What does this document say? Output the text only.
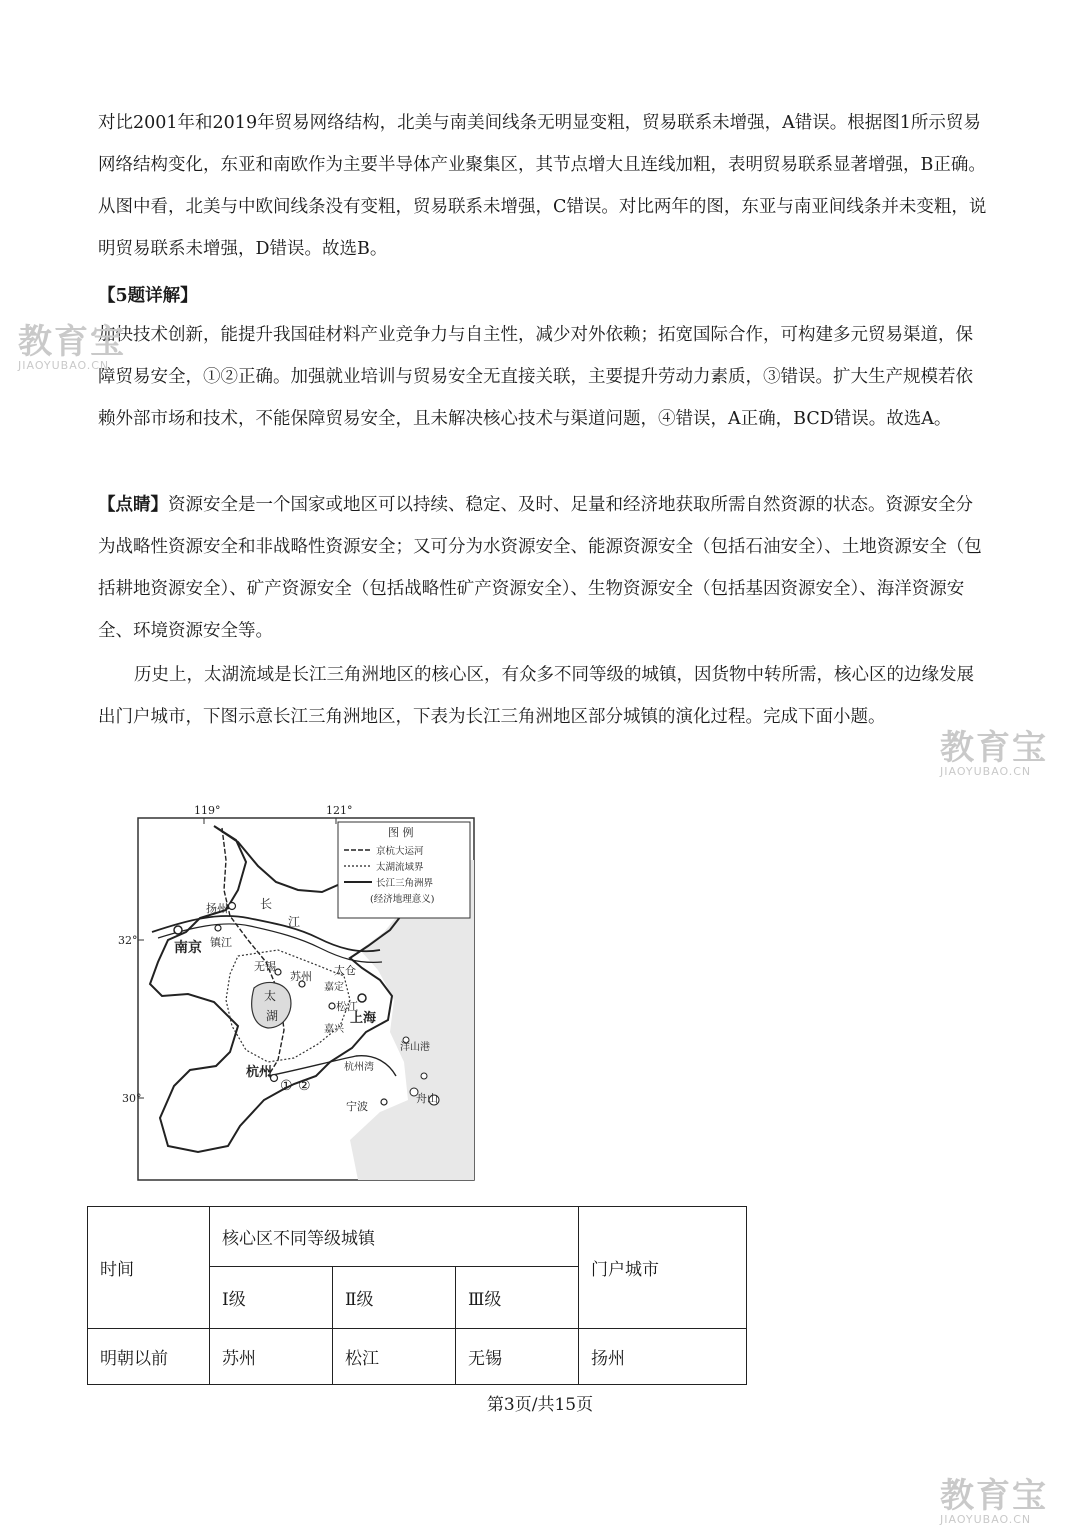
对比2001年和2019年贸易网络结构，北美与南美间线条无明显变粗，贸易联系未增强，A错误。根据图1所示贸易网络结构变化，东亚和南欧作为主要半导体产业聚集区，其节点增大且连线加粗，表明贸易联系显著增强，B正确。从图中看，北美与中欧间线条没有变粗，贸易联系未增强，C错误。对比两年的图，东亚与南亚间线条并未变粗，说明贸易联系未增强，D错误。故选B。

【5题详解】

加快技术创新，能提升我国硅材料产业竞争力与自主性，减少对外依赖；拓宽国际合作，可构建多元贸易渠道，保障贸易安全，①②正确。加强就业培训与贸易安全无直接关联，主要提升劳动力素质，③错误。扩大生产规模若依赖外部市场和技术，不能保障贸易安全，且未解决核心技术与渠道问题，④错误，A正确，BCD错误。故选A。

【点睛】资源安全是一个国家或地区可以持续、稳定、及时、足量和经济地获取所需自然资源的状态。资源安全分为战略性资源安全和非战略性资源安全；又可分为水资源安全、能源资源安全（包括石油安全）、土地资源安全（包括耕地资源安全）、矿产资源安全（包括战略性矿产资源安全）、生物资源安全（包括基因资源安全）、海洋资源安全、环境资源安全等。

历史上，太湖流域是长江三角洲地区的核心区，有众多不同等级的城镇，因货物中转所需，核心区的边缘发展出门户城市，下图示意长江三角洲地区，下表为长江三角洲地区部分城镇的演化过程。完成下面小题。

教育宝
JIAOYUBAO.CN
教育宝
JIAOYUBAO.CN
教育宝
JIAOYUBAO.CN
119°	121°
32°
30°
图 例
京杭大运河
太湖流域界
长江三角洲界
(经济地理意义)
扬州	长
江
南京 镇江
无锡
苏州 太仓
嘉定
松江
上海
嘉兴
太
湖
洋山港
杭州湾
杭州
宁波
舟山
① ②
时间	核心区不同等级城镇			门户城市
	Ⅰ级	Ⅱ级	Ⅲ级	
明朝以前	苏州	松江	无锡	扬州
第3页/共15页
